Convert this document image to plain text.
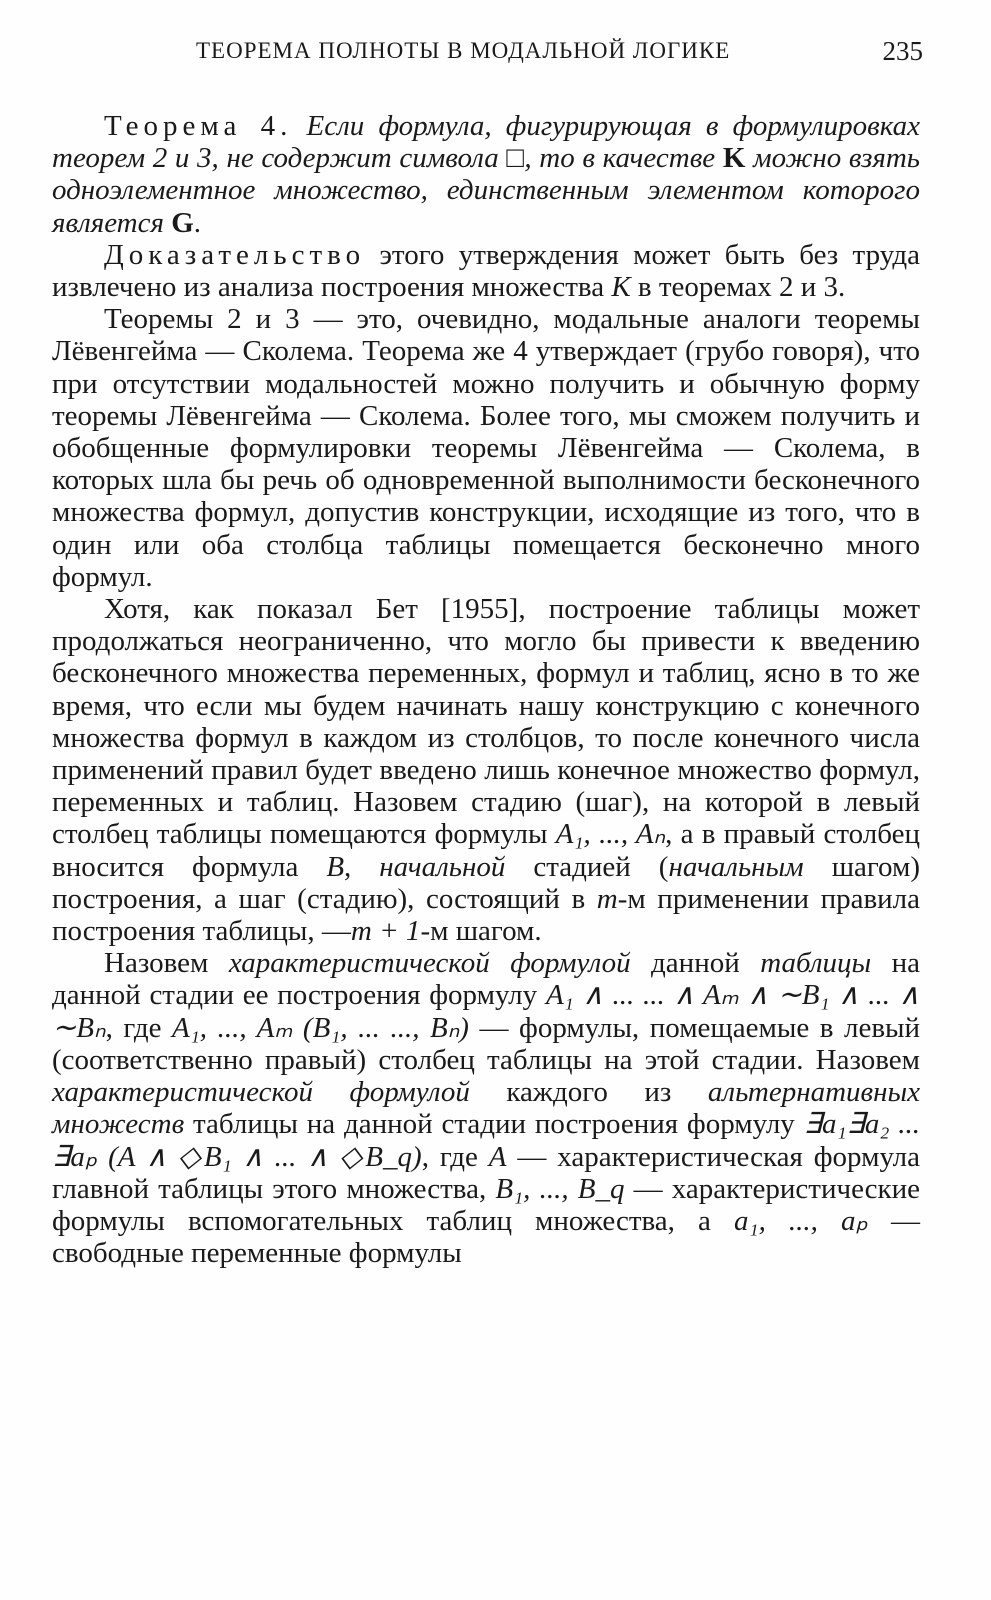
ТЕОРЕМА ПОЛНОТЫ В МОДАЛЬНОЙ ЛОГИКЕ	235

Теорема 4. Если формула, фигурирующая в формулировках теорем 2 и 3, не содержит символа □, то в качестве K можно взять одноэлементное множество, единственным элементом которого является G.

Доказательство этого утверждения может быть без труда извлечено из анализа построения множества K в теоремах 2 и 3.

Теоремы 2 и 3 — это, очевидно, модальные аналоги теоремы Лёвенгейма — Сколема. Теорема же 4 утверждает (грубо говоря), что при отсутствии модальностей можно получить и обычную форму теоремы Лёвенгейма — Сколема. Более того, мы сможем получить и обобщенные формулировки теоремы Лёвенгейма — Сколема, в которых шла бы речь об одновременной выполнимости бесконечного множества формул, допустив конструкции, исходящие из того, что в один или оба столбца таблицы помещается бесконечно много формул.

Хотя, как показал Бет [1955], построение таблицы может продолжаться неограниченно, что могло бы привести к введению бесконечного множества переменных, формул и таблиц, ясно в то же время, что если мы будем начинать нашу конструкцию с конечного множества формул в каждом из столбцов, то после конечного числа применений правил будет введено лишь конечное множество формул, переменных и таблиц. Назовем стадию (шаг), на которой в левый столбец таблицы помещаются формулы A₁, ..., Aₙ, а в правый столбец вносится формула B, начальной стадией (начальным шагом) построения, а шаг (стадию), состоящий в m-м применении правила построения таблицы, —m + 1-м шагом.

Назовем характеристической формулой данной таблицы на данной стадии ее построения формулу A₁ ∧ ... ... ∧ Aₘ ∧ ∼B₁ ∧ ... ∧ ∼Bₙ, где A₁, ..., Aₘ (B₁, ... ..., Bₙ) — формулы, помещаемые в левый (соответственно правый) столбец таблицы на этой стадии. Назовем характеристической формулой каждого из альтернативных множеств таблицы на данной стадии построения формулу ∃a₁∃a₂ ... ∃aₚ (A ∧ ◇B₁ ∧ ... ∧ ◇B_q), где A — характеристическая формула главной таблицы этого множества, B₁, ..., B_q — характеристические формулы вспомогательных таблиц множества, а a₁, ..., aₚ — свободные переменные формулы
